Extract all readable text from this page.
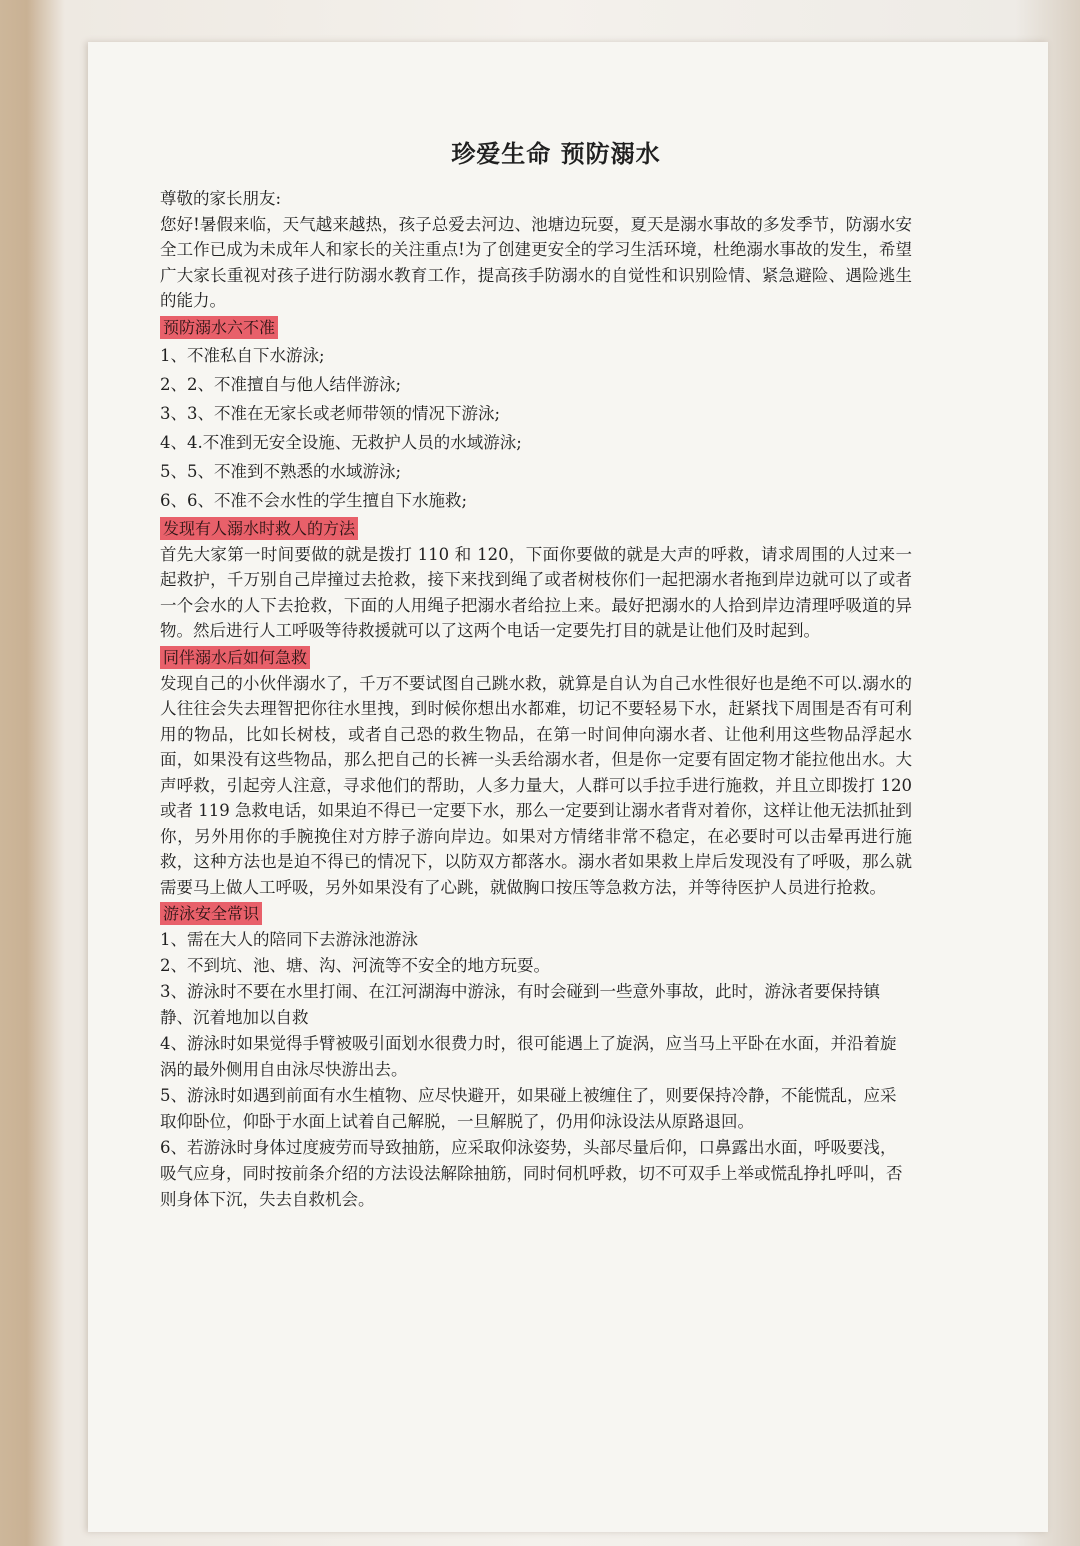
珍爱生命 预防溺水

尊敬的家长朋友:

您好!暑假来临，天气越来越热，孩子总爱去河边、池塘边玩耍，夏天是溺水事故的多发季节，防溺水安全工作已成为未成年人和家长的关注重点!为了创建更安全的学习生活环境，杜绝溺水事故的发生，希望广大家长重视对孩子进行防溺水教育工作，提高孩手防溺水的自觉性和识别险情、紧急避险、遇险逃生的能力。

预防溺水六不准
1、不准私自下水游泳;
2、2、不准擅自与他人结伴游泳;
3、3、不准在无家长或老师带领的情况下游泳;
4、4.不准到无安全设施、无救护人员的水域游泳;
5、5、不准到不熟悉的水域游泳;
6、6、不准不会水性的学生擅自下水施救;
发现有人溺水时救人的方法

首先大家第一时间要做的就是拨打 110 和 120，下面你要做的就是大声的呼救，请求周围的人过来一起救护，千万别自己岸撞过去抢救，接下来找到绳了或者树枝你们一起把溺水者拖到岸边就可以了或者一个会水的人下去抢救，下面的人用绳子把溺水者给拉上来。最好把溺水的人拾到岸边清理呼吸道的异物。然后进行人工呼吸等待救援就可以了这两个电话一定要先打目的就是让他们及时起到。

同伴溺水后如何急救

发现自己的小伙伴溺水了，千万不要试图自己跳水救，就算是自认为自己水性很好也是绝不可以.溺水的人往往会失去理智把你往水里拽，到时候你想出水都难，切记不要轻易下水，赶紧找下周围是否有可利用的物品，比如长树枝，或者自己恐的救生物品，在第一时间伸向溺水者、让他利用这些物品浮起水面，如果没有这些物品，那么把自己的长裤一头丢给溺水者，但是你一定要有固定物才能拉他出水。大声呼救，引起旁人注意，寻求他们的帮助，人多力量大，人群可以手拉手进行施救，并且立即拨打 120 或者 119 急救电话，如果迫不得已一定要下水，那么一定要到让溺水者背对着你，这样让他无法抓扯到你，另外用你的手腕挽住对方脖子游向岸边。如果对方情绪非常不稳定，在必要时可以击晕再进行施救，这种方法也是迫不得已的情况下，以防双方都落水。溺水者如果救上岸后发现没有了呼吸，那么就需要马上做人工呼吸，另外如果没有了心跳，就做胸口按压等急救方法，并等待医护人员进行抢救。

游泳安全常识
1、需在大人的陪同下去游泳池游泳
2、不到坑、池、塘、沟、河流等不安全的地方玩耍。
3、游泳时不要在水里打闹、在江河湖海中游泳，有时会碰到一些意外事故，此时，游泳者要保持镇静、沉着地加以自救
4、游泳时如果觉得手臂被吸引面划水很费力时，很可能遇上了旋涡，应当马上平卧在水面，并沿着旋涡的最外侧用自由泳尽快游出去。
5、游泳时如遇到前面有水生植物、应尽快避开，如果碰上被缠住了，则要保持冷静，不能慌乱，应采取仰卧位，仰卧于水面上试着自己解脱，一旦解脱了，仍用仰泳设法从原路退回。
6、若游泳时身体过度疲劳而导致抽筋，应采取仰泳姿势，头部尽量后仰，口鼻露出水面，呼吸要浅，吸气应身，同时按前条介绍的方法设法解除抽筋，同时伺机呼救，切不可双手上举或慌乱挣扎呼叫，否则身体下沉，失去自救机会。
